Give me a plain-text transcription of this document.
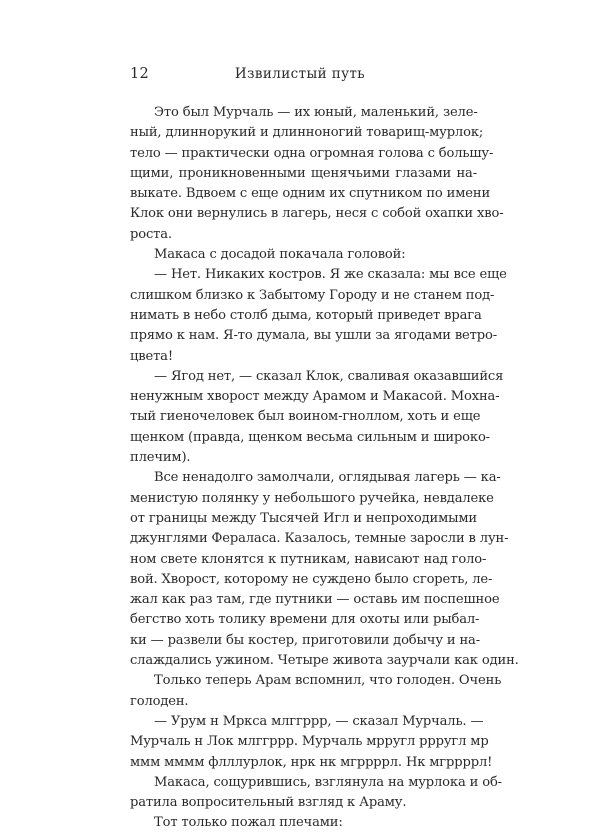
12	Извилистый путь
Это был Мурчаль — их юный, маленький, зеле-
ный, длиннорукий и длинноногий товарищ-мурлок;
тело — практически одна огромная голова с большу-
щими, проникновенными щенячьими глазами на-
выкате. Вдвоем с еще одним их спутником по имени
Клок они вернулись в лагерь, неся с собой охапки хво-
роста.
Макаса с досадой покачала головой:
— Нет. Никаких костров. Я же сказала: мы все еще
слишком близко к Забытому Городу и не станем под-
нимать в небо столб дыма, который приведет врага
прямо к нам. Я-то думала, вы ушли за ягодами ветро-
цвета!
— Ягод нет, — сказал Клок, сваливая оказавшийся
ненужным хворост между Арамом и Макасой. Мохна-
тый гиеночеловек был воином-гноллом, хоть и еще
щенком (правда, щенком весьма сильным и широко-
плечим).
Все ненадолго замолчали, оглядывая лагерь — ка-
менистую полянку у небольшого ручейка, невдалеке
от границы между Тысячей Игл и непроходимыми
джунглями Фераласа. Казалось, темные заросли в лун-
ном свете клонятся к путникам, нависают над голо-
вой. Хворост, которому не суждено было сгореть, ле-
жал как раз там, где путники — оставь им поспешное
бегство хоть толику времени для охоты или рыбал-
ки — развели бы костер, приготовили добычу и на-
слаждались ужином. Четыре живота заурчали как один.
Только теперь Арам вспомнил, что голоден. Очень
голоден.
— Урум н Мркса млггррр, — сказал Мурчаль. —
Мурчаль н Лок млггррр. Мурчаль мрругл ррругл мр
ммм мммм флллурлок, нрк нк мгррррл. Нк мгррррл!
Макаса, сощурившись, взглянула на мурлока и об-
ратила вопросительный взгляд к Араму.
Тот только пожал плечами:
